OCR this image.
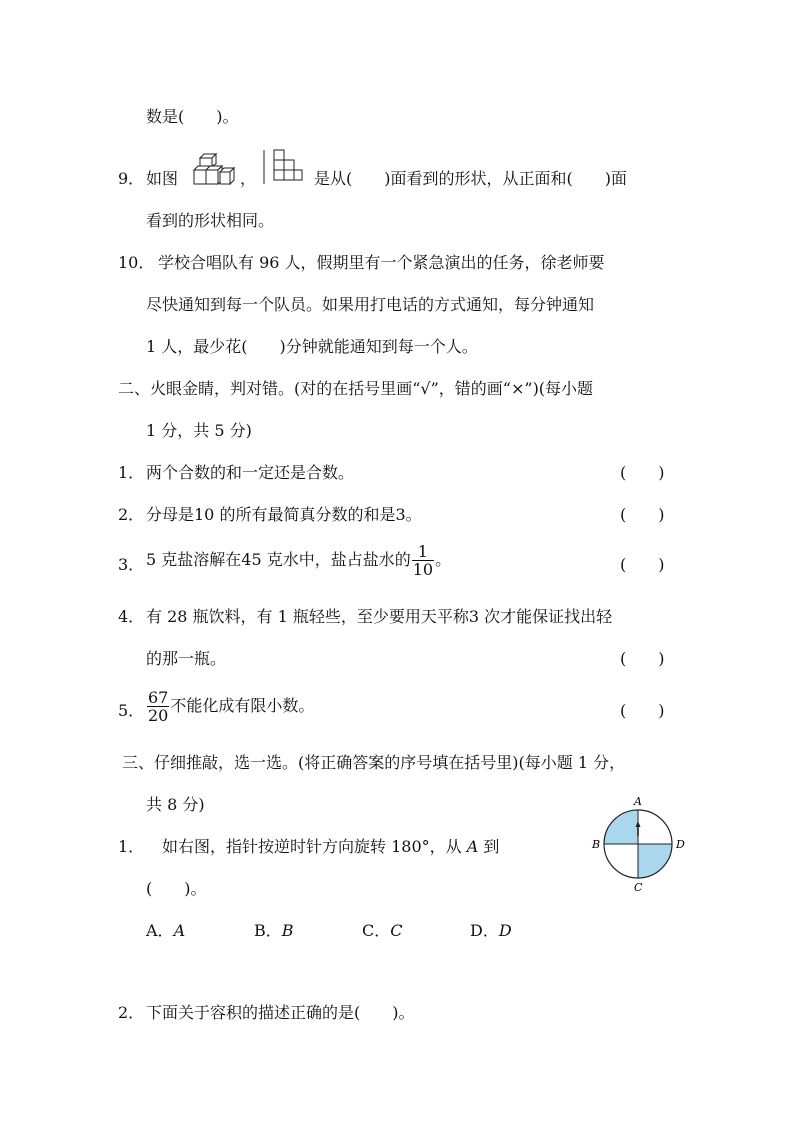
数是(　　)。
9． 如图	，	是从(　　)面看到的形状，从正面和(　　)面
看到的形状相同。
10． 学校合唱队有 96 人，假期里有一个紧急演出的任务，徐老师要
尽快通知到每一个队员。如果用打电话的方式通知，每分钟通知
1 人，最少花(　　)分钟就能通知到每一个人。
二、火眼金睛，判对错。(对的在括号里画“√”，错的画“×”)(每小题
1 分，共 5 分)
1． 两个合数的和一定还是合数。	(　　)
2． 分母是10 的所有最简真分数的和是3。	(　　)
3． 5 克盐溶解在45 克水中，盐占盐水的 $\frac{1}{10}$ 。	(　　)
4． 有 28 瓶饮料，有 1 瓶轻些，至少要用天平称3 次才能保证找出轻
的那一瓶。	(　　)
5． $\frac{67}{20}$ 不能化成有限小数。	(　　)
三、仔细推敲，选一选。(将正确答案的序号填在括号里)(每小题 1 分，
共 8 分)
1． 如右图，指针按逆时针方向旋转 180°，从 A 到
(　　)。
A
B
C
D
A．A	B．B	C．C	D．D
2． 下面关于容积的描述正确的是(　　)。
